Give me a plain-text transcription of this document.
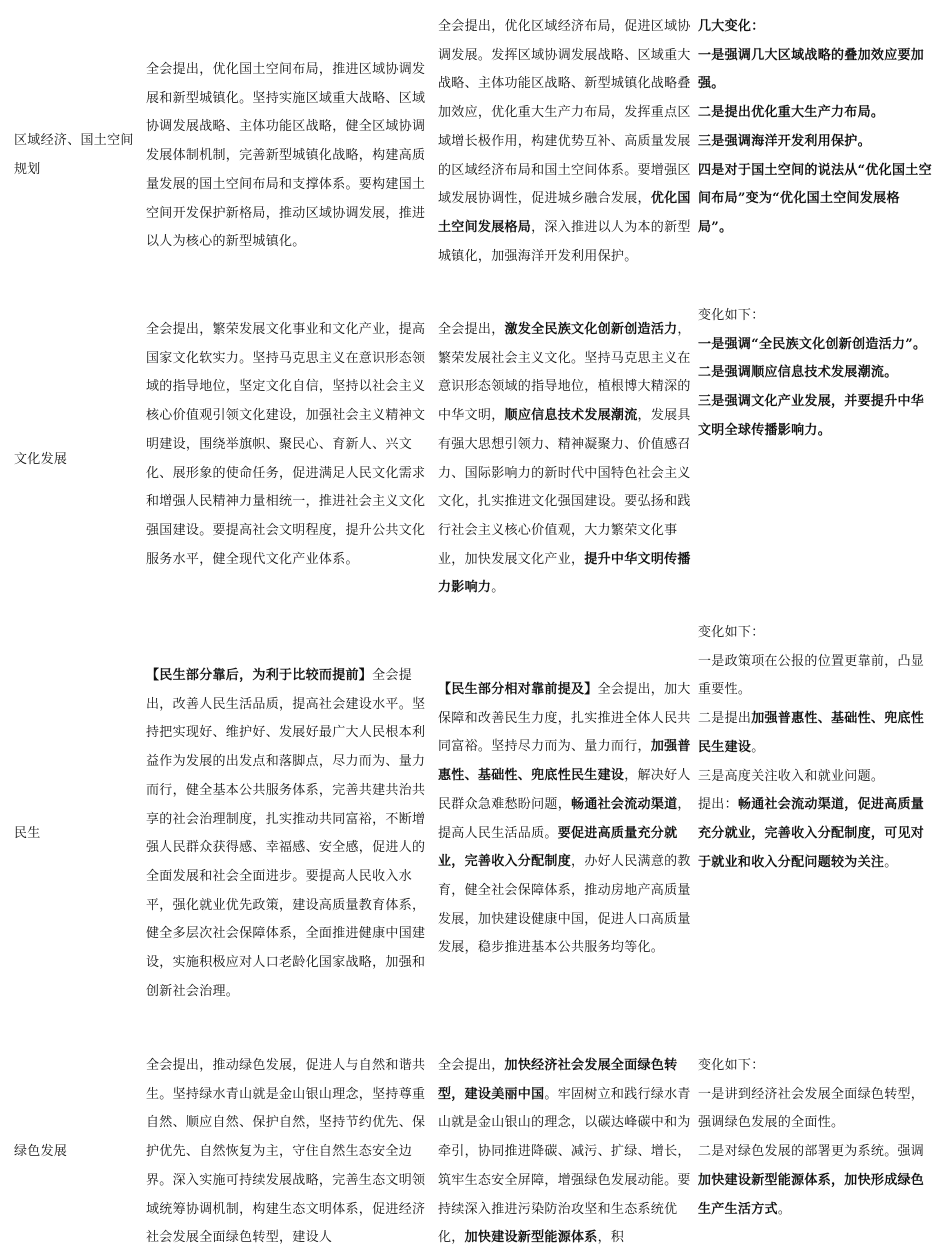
区域经济、国土空间规划
全会提出，优化国土空间布局，推进区域协调发展和新型城镇化。坚持实施区域重大战略、区域协调发展战略、主体功能区战略，健全区域协调发展体制机制，完善新型城镇化战略，构建高质量发展的国土空间布局和支撑体系。要构建国土空间开发保护新格局，推动区域协调发展，推进以人为核心的新型城镇化。
全会提出，优化区域经济布局，促进区域协调发展。发挥区域协调发展战略、区域重大战略、主体功能区战略、新型城镇化战略叠加效应，优化重大生产力布局，发挥重点区域增长极作用，构建优势互补、高质量发展的区域经济布局和国土空间体系。要增强区域发展协调性，促进城乡融合发展，优化国土空间发展格局，深入推进以人为本的新型城镇化，加强海洋开发利用保护。

几大变化：

一是强调几大区域战略的叠加效应要加强。

二是提出优化重大生产力布局。

三是强调海洋开发利用保护。

四是对于国土空间的说法从“优化国土空间布局”变为“优化国土空间发展格局”。

文化发展
全会提出，繁荣发展文化事业和文化产业，提高国家文化软实力。坚持马克思主义在意识形态领域的指导地位，坚定文化自信，坚持以社会主义核心价值观引领文化建设，加强社会主义精神文明建设，围绕举旗帜、聚民心、育新人、兴文化、展形象的使命任务，促进满足人民文化需求和增强人民精神力量相统一，推进社会主义文化强国建设。要提高社会文明程度，提升公共文化服务水平，健全现代文化产业体系。
全会提出，激发全民族文化创新创造活力，繁荣发展社会主义文化。坚持马克思主义在意识形态领域的指导地位，植根博大精深的中华文明，顺应信息技术发展潮流，发展具有强大思想引领力、精神凝聚力、价值感召力、国际影响力的新时代中国特色社会主义文化，扎实推进文化强国建设。要弘扬和践行社会主义核心价值观，大力繁荣文化事业，加快发展文化产业，提升中华文明传播力影响力。

变化如下：

一是强调“全民族文化创新创造活力”。

二是强调顺应信息技术发展潮流。

三是强调文化产业发展，并要提升中华文明全球传播影响力。

民生
【民生部分靠后，为利于比较而提前】全会提出，改善人民生活品质，提高社会建设水平。坚持把实现好、维护好、发展好最广大人民根本利益作为发展的出发点和落脚点，尽力而为、量力而行，健全基本公共服务体系，完善共建共治共享的社会治理制度，扎实推动共同富裕，不断增强人民群众获得感、幸福感、安全感，促进人的全面发展和社会全面进步。要提高人民收入水平，强化就业优先政策，建设高质量教育体系，健全多层次社会保障体系，全面推进健康中国建设，实施积极应对人口老龄化国家战略，加强和创新社会治理。
【民生部分相对靠前提及】全会提出，加大保障和改善民生力度，扎实推进全体人民共同富裕。坚持尽力而为、量力而行，加强普惠性、基础性、兜底性民生建设，解决好人民群众急难愁盼问题，畅通社会流动渠道，提高人民生活品质。要促进高质量充分就业，完善收入分配制度，办好人民满意的教育，健全社会保障体系，推动房地产高质量发展，加快建设健康中国，促进人口高质量发展，稳步推进基本公共服务均等化。

变化如下：

一是政策项在公报的位置更靠前，凸显重要性。

二是提出加强普惠性、基础性、兜底性民生建设。

三是高度关注收入和就业问题。

提出：畅通社会流动渠道，促进高质量充分就业，完善收入分配制度，可见对于就业和收入分配问题较为关注。

绿色发展
全会提出，推动绿色发展，促进人与自然和谐共生。坚持绿水青山就是金山银山理念，坚持尊重自然、顺应自然、保护自然，坚持节约优先、保护优先、自然恢复为主，守住自然生态安全边界。深入实施可持续发展战略，完善生态文明领域统筹协调机制，构建生态文明体系，促进经济社会发展全面绿色转型，建设人
全会提出，加快经济社会发展全面绿色转型，建设美丽中国。牢固树立和践行绿水青山就是金山银山的理念，以碳达峰碳中和为牵引，协同推进降碳、减污、扩绿、增长，筑牢生态安全屏障，增强绿色发展动能。要持续深入推进污染防治攻坚和生态系统优化，加快建设新型能源体系，积

变化如下：

一是讲到经济社会发展全面绿色转型，强调绿色发展的全面性。

二是对绿色发展的部署更为系统。强调加快建设新型能源体系，加快形成绿色生产生活方式。
